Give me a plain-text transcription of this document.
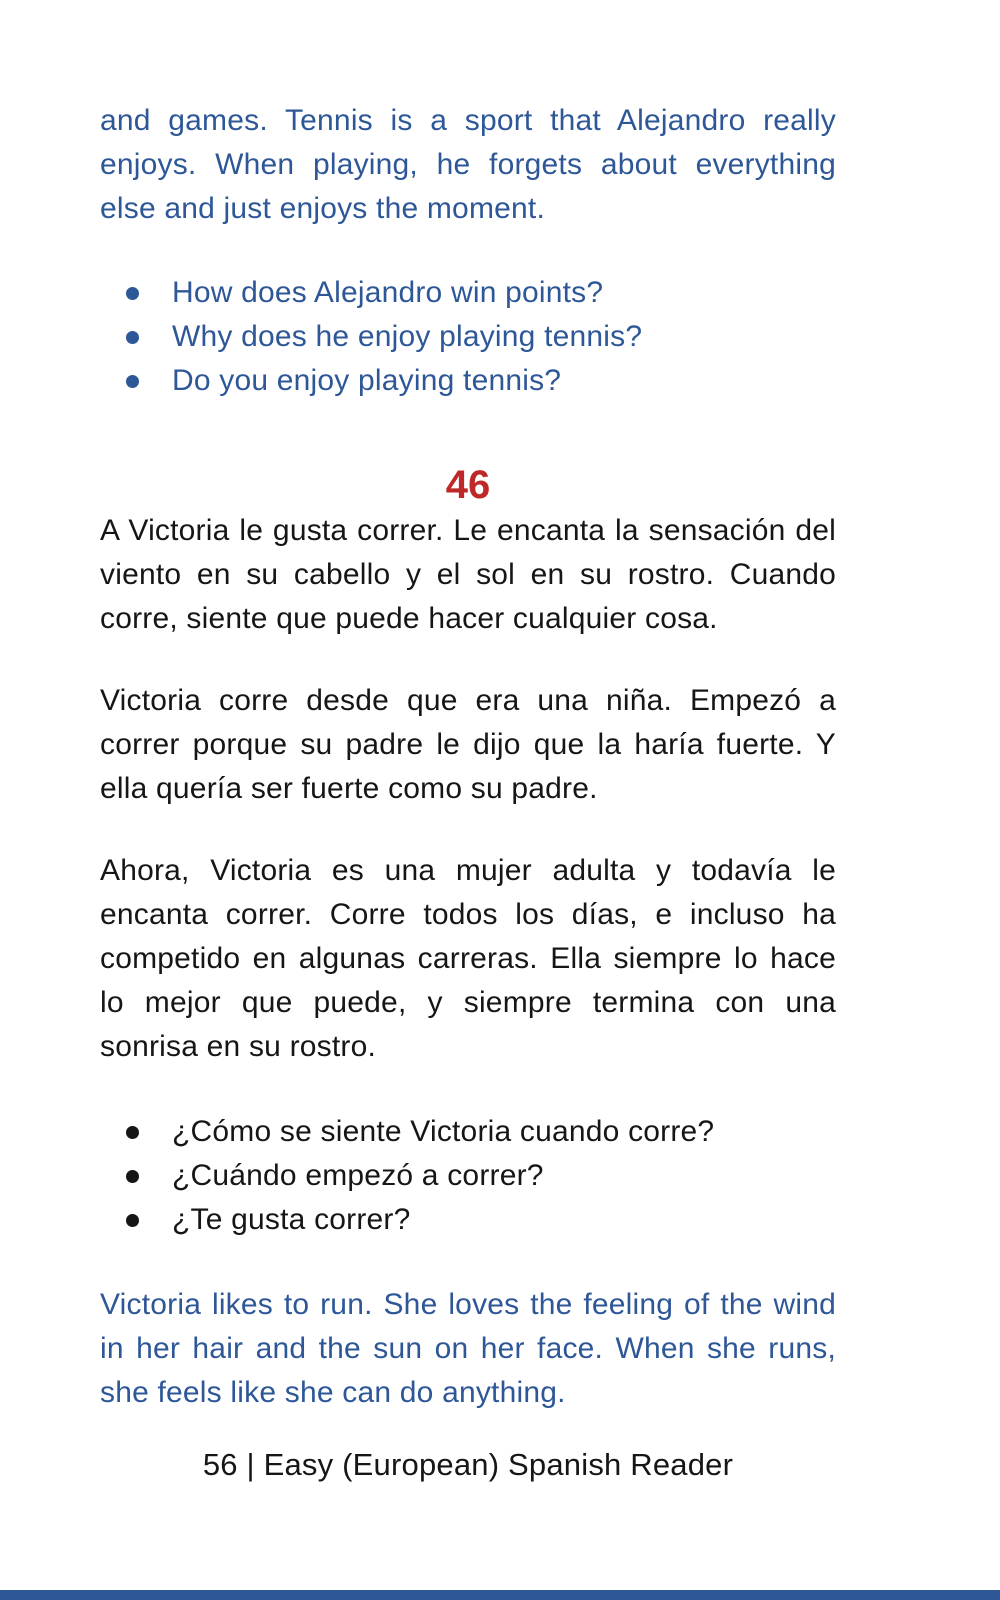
and games. Tennis is a sport that Alejandro really enjoys. When playing, he forgets about everything else and just enjoys the moment.

How does Alejandro win points?
Why does he enjoy playing tennis?
Do you enjoy playing tennis?
46

A Victoria le gusta correr. Le encanta la sensación del viento en su cabello y el sol en su rostro. Cuando corre, siente que puede hacer cualquier cosa.

Victoria corre desde que era una niña. Empezó a correr porque su padre le dijo que la haría fuerte. Y ella quería ser fuerte como su padre.

Ahora, Victoria es una mujer adulta y todavía le encanta correr. Corre todos los días, e incluso ha competido en algunas carreras. Ella siempre lo hace lo mejor que puede, y siempre termina con una sonrisa en su rostro.

¿Cómo se siente Victoria cuando corre?
¿Cuándo empezó a correr?
¿Te gusta correr?

Victoria likes to run. She loves the feeling of the wind in her hair and the sun on her face. When she runs, she feels like she can do anything.

56 | Easy (European) Spanish Reader
